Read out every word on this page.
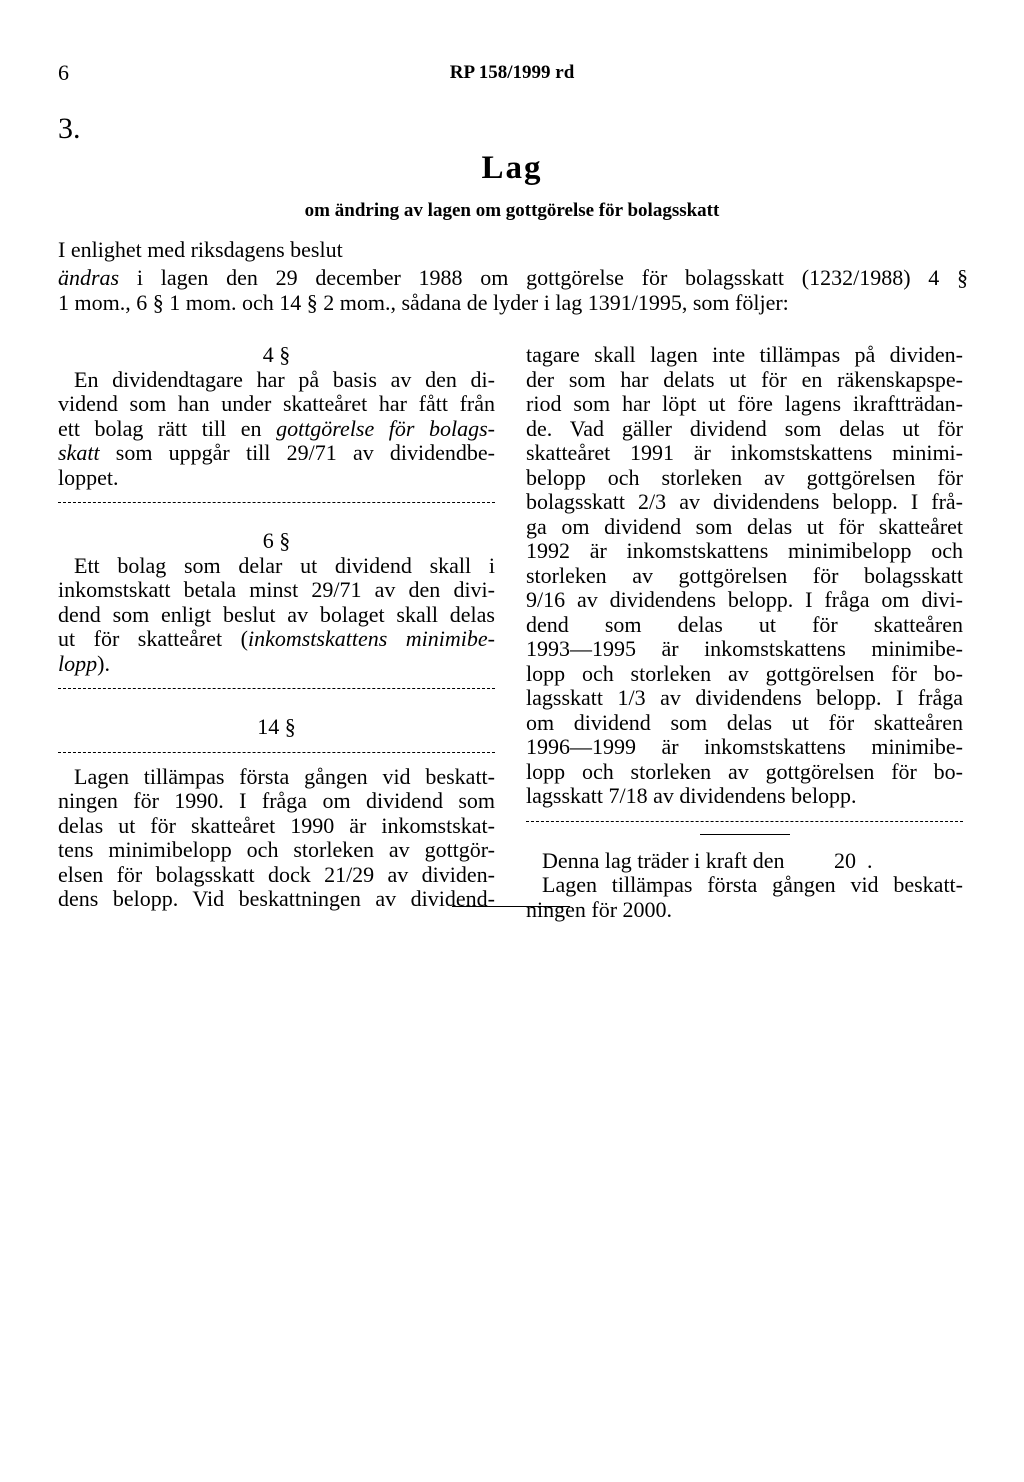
6	RP 158/1999 rd
3.
Lag
om ändring av lagen om gottgörelse för bolagsskatt
I enlighet med riksdagens beslut

ändras i lagen den 29 december 1988 om gottgörelse för bolagsskatt (1232/1988) 4 §

1 mom., 6 § 1 mom. och 14 § 2 mom., sådana de lyder i lag 1391/1995, som följer:

4 §

En dividendtagare har på basis av den di-

vidend som han under skatteåret har fått från

ett bolag rätt till en gottgörelse för bolags-

skatt som uppgår till 29/71 av dividendbe-

loppet.

6 §

Ett bolag som delar ut dividend skall i

inkomstskatt betala minst 29/71 av den divi-

dend som enligt beslut av bolaget skall delas

ut för skatteåret (inkomstskattens minimibe-

lopp).

14 §

Lagen tillämpas första gången vid beskatt-

ningen för 1990. I fråga om dividend som

delas ut för skatteåret 1990 är inkomstskat-

tens minimibelopp och storleken av gottgör-

elsen för bolagsskatt dock 21/29 av dividen-

dens belopp. Vid beskattningen av dividend-

tagare skall lagen inte tillämpas på dividen-

der som har delats ut för en räkenskapspe-

riod som har löpt ut före lagens ikraftträdan-

de. Vad gäller dividend som delas ut för

skatteåret 1991 är inkomstskattens minimi-

belopp och storleken av gottgörelsen för

bolagsskatt 2/3 av dividendens belopp. I frå-

ga om dividend som delas ut för skatteåret

1992 är inkomstskattens minimibelopp och

storleken av gottgörelsen för bolagsskatt

9/16 av dividendens belopp. I fråga om divi-

dend som delas ut för skatteåren

1993—1995 är inkomstskattens minimibe-

lopp och storleken av gottgörelsen för bo-

lagsskatt 1/3 av dividendens belopp. I fråga

om dividend som delas ut för skatteåren

1996—1999 är inkomstskattens minimibe-

lopp och storleken av gottgörelsen för bo-

lagsskatt 7/18 av dividendens belopp.

Denna lag träder i kraft den         20  .

Lagen tillämpas första gången vid beskatt-

ningen för 2000.
